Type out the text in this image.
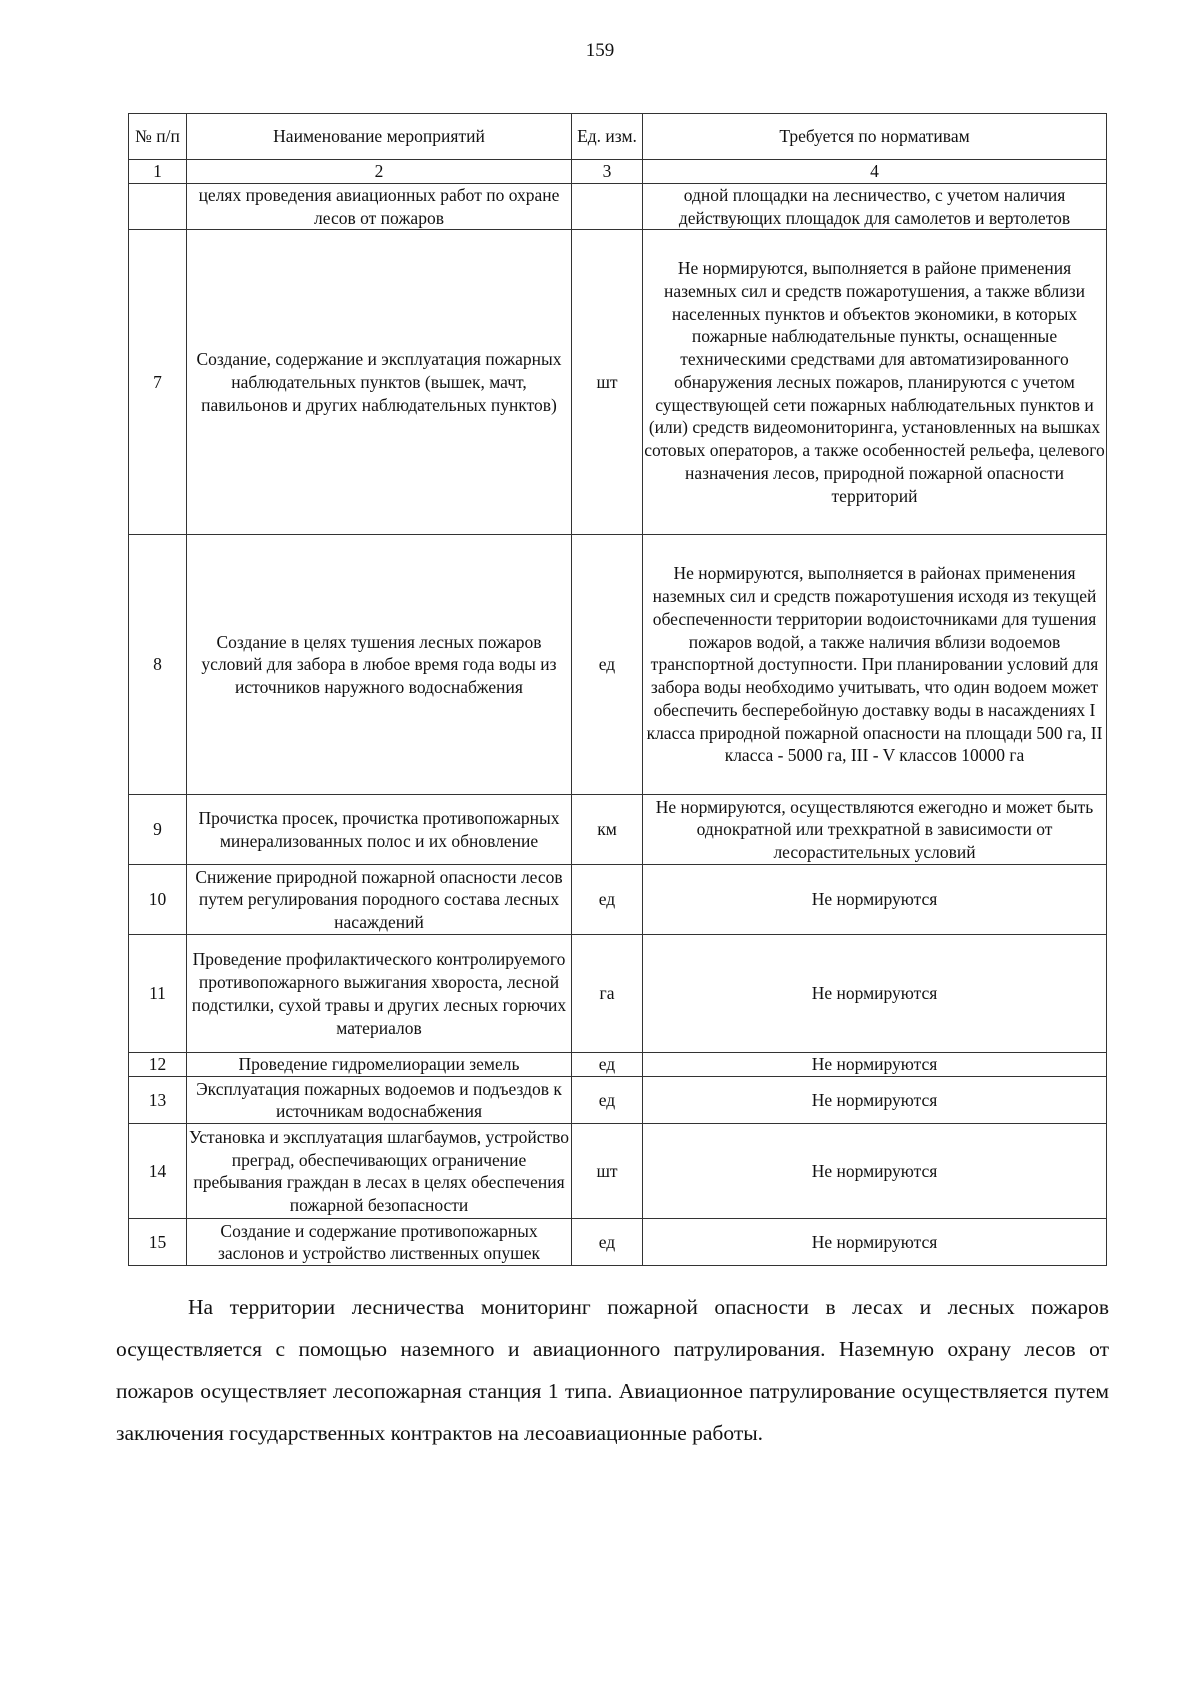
159
№ п/п	Наименование мероприятий	Ед. изм.	Требуется по нормативам
1	2	3	4
	целях проведения авиационных работ по охране лесов от пожаров		одной площадки на лесничество, с учетом наличия действующих площадок для самолетов и вертолетов
7	Создание, содержание и эксплуатация пожарных наблюдательных пунктов (вышек, мачт, павильонов и других наблюдательных пунктов)	шт	Не нормируются, выполняется в районе применения наземных сил и средств пожаротушения, а также вблизи населенных пунктов и объектов экономики, в которых пожарные наблюдательные пункты, оснащенные техническими средствами для автоматизированного обнаружения лесных пожаров, планируются с учетом существующей сети пожарных наблюдательных пунктов и (или) средств видеомониторинга, установленных на вышках сотовых операторов, а также особенностей рельефа, целевого назначения лесов, природной пожарной опасности территорий
8	Создание в целях тушения лесных пожаров условий для забора в любое время года воды из источников наружного водоснабжения	ед	Не нормируются, выполняется в районах применения наземных сил и средств пожаротушения исходя из текущей обеспеченности территории водоисточниками для тушения пожаров водой, а также наличия вблизи водоемов транспортной доступности. При планировании условий для забора воды необходимо учитывать, что один водоем может обеспечить бесперебойную доставку воды в насаждениях I класса природной пожарной опасности на площади 500 га, II класса - 5000 га, III - V классов 10000 га
9	Прочистка просек, прочистка противопожарных минерализованных полос и их обновление	км	Не нормируются, осуществляются ежегодно и может быть однократной или трехкратной в зависимости от лесорастительных условий
10	Снижение природной пожарной опасности лесов путем регулирования породного состава лесных насаждений	ед	Не нормируются
11	Проведение профилактического контролируемого противопожарного выжигания хвороста, лесной подстилки, сухой травы и других лесных горючих материалов	га	Не нормируются
12	Проведение гидромелиорации земель	ед	Не нормируются
13	Эксплуатация пожарных водоемов и подъездов к источникам водоснабжения	ед	Не нормируются
14	Установка и эксплуатация шлагбаумов, устройство преград, обеспечивающих ограничение пребывания граждан в лесах в целях обеспечения пожарной безопасности	шт	Не нормируются
15	Создание и содержание противопожарных заслонов и устройство лиственных опушек	ед	Не нормируются

На территории лесничества мониторинг пожарной опасности в лесах и лесных пожаров осуществляется с помощью наземного и авиационного патрулирования. Наземную охрану лесов от пожаров осуществляет лесопожарная станция 1 типа. Авиационное патрулирование осуществляется путем заключения государственных контрактов на лесоавиационные работы.
